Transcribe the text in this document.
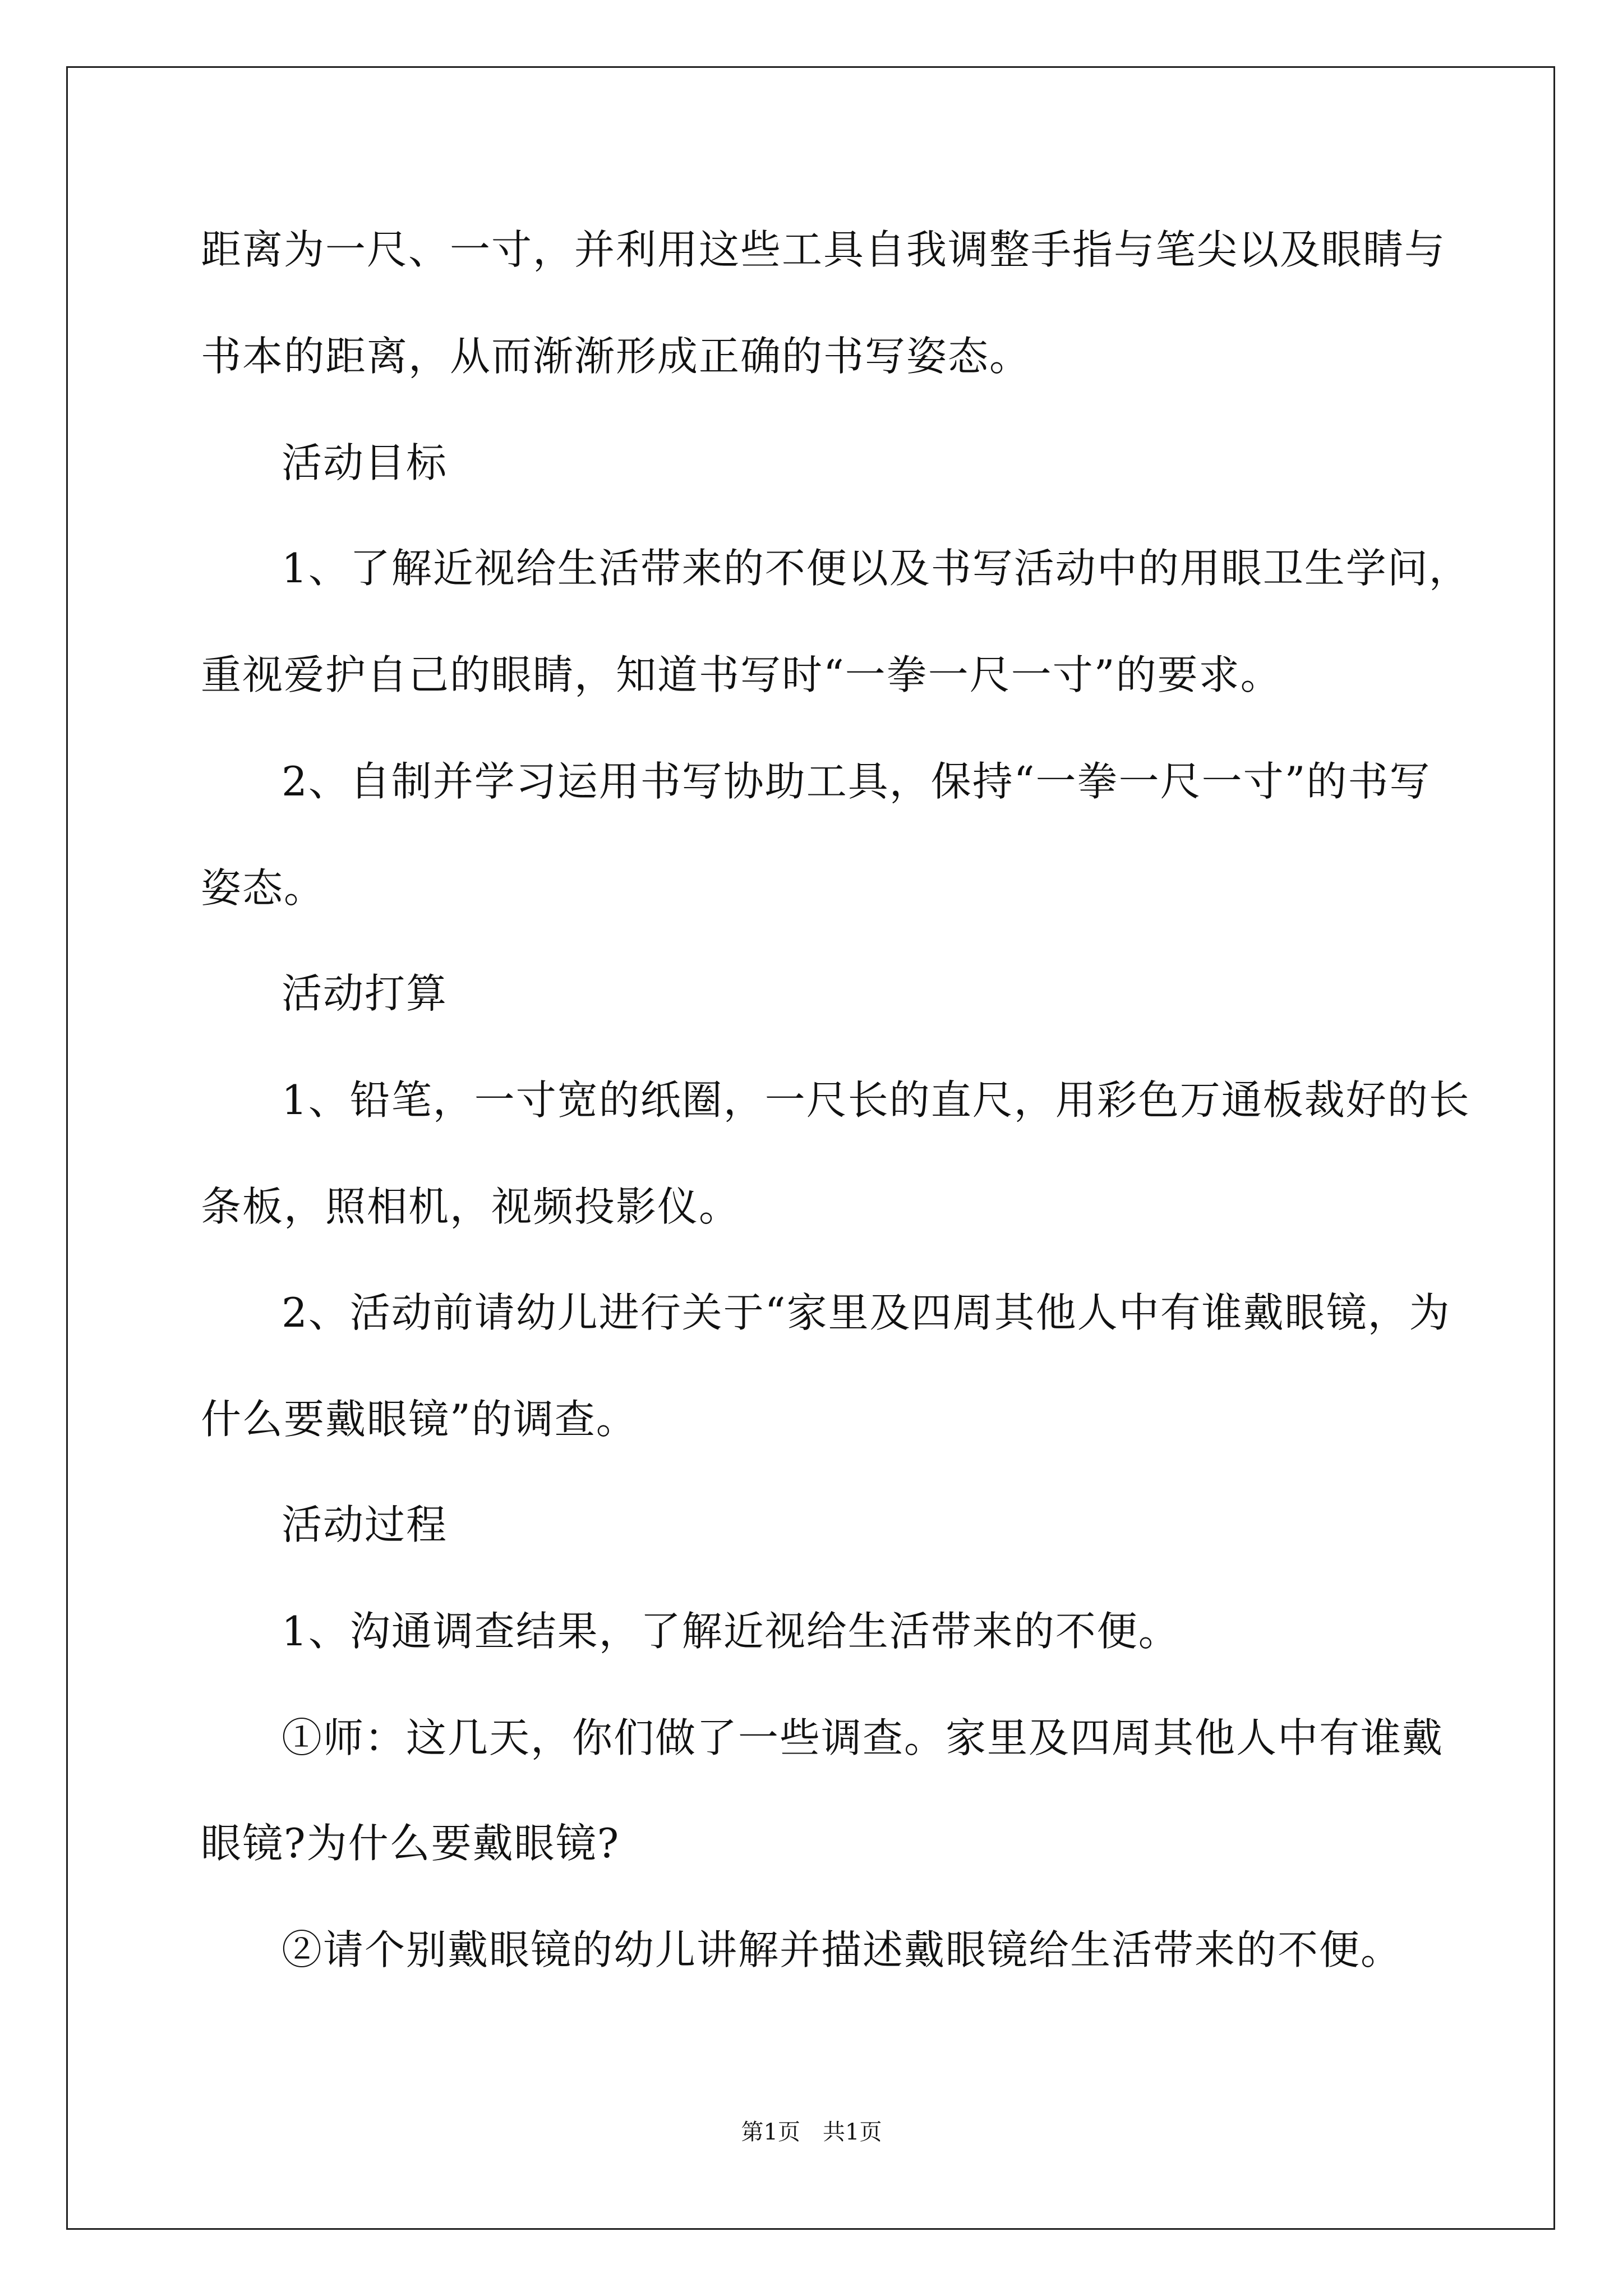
距离为一尺、一寸，并利用这些工具自我调整手指与笔尖以及眼睛与
书本的距离，从而渐渐形成正确的书写姿态。
活动目标
1、了解近视给生活带来的不便以及书写活动中的用眼卫生学问，
重视爱护自己的眼睛，知道书写时“一拳一尺一寸”的要求。
2、自制并学习运用书写协助工具，保持“一拳一尺一寸”的书写
姿态。
活动打算
1、铅笔，一寸宽的纸圈，一尺长的直尺，用彩色万通板裁好的长
条板，照相机，视频投影仪。
2、活动前请幼儿进行关于“家里及四周其他人中有谁戴眼镜，为
什么要戴眼镜”的调查。
活动过程
1、沟通调查结果，了解近视给生活带来的不便。
①师：这几天，你们做了一些调查。家里及四周其他人中有谁戴
眼镜?为什么要戴眼镜?
②请个别戴眼镜的幼儿讲解并描述戴眼镜给生活带来的不便。
第1页　共1页
